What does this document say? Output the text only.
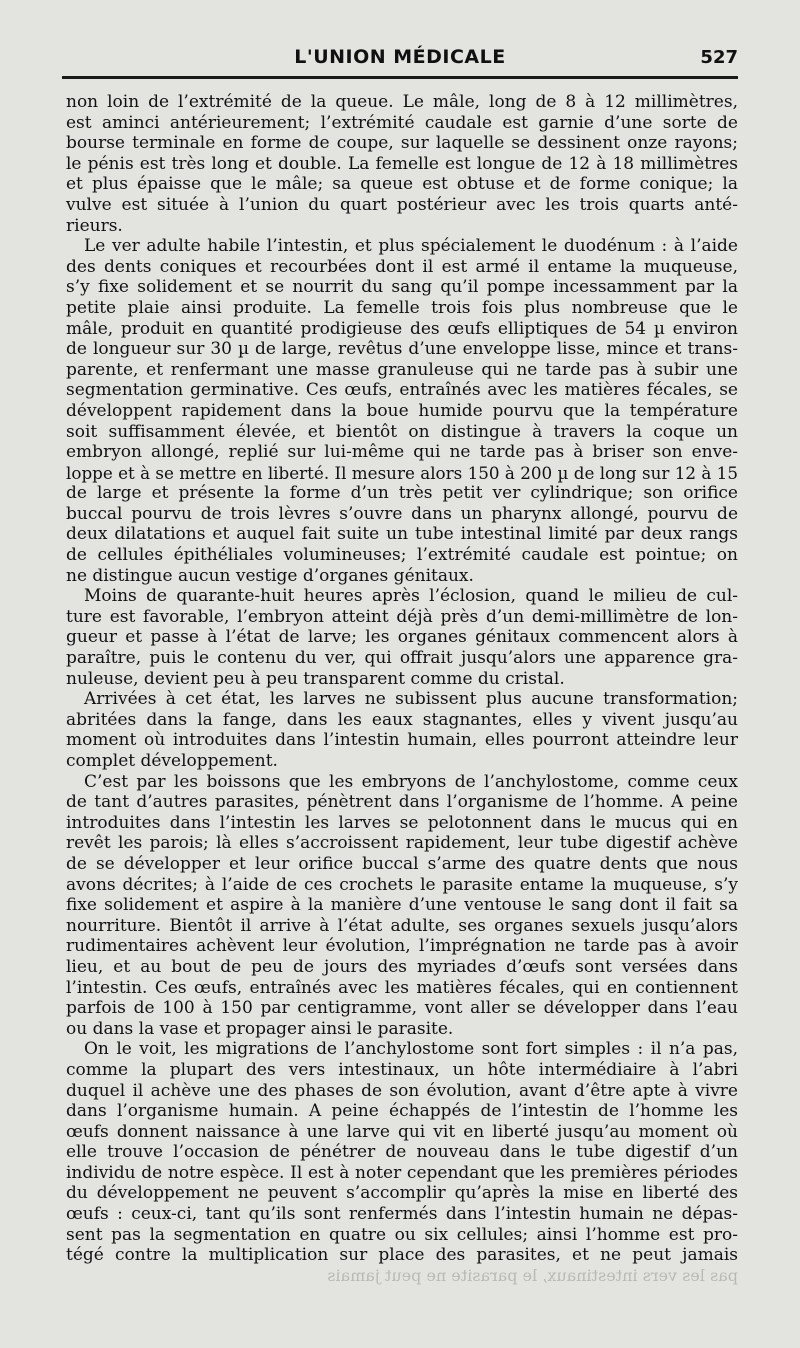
L'UNION MÉDICALE	527
non loin de l’extrémité de la queue. Le mâle, long de 8 à 12 millimètres,
est aminci antérieurement; l’extrémité caudale est garnie d’une sorte de
bourse terminale en forme de coupe, sur laquelle se dessinent onze rayons;
le pénis est très long et double. La femelle est longue de 12 à 18 millimètres
et plus épaisse que le mâle; sa queue est obtuse et de forme conique; la
vulve est située à l’union du quart postérieur avec les trois quarts anté-
rieurs.
Le ver adulte habile l’intestin, et plus spécialement le duodénum : à l’aide
des dents coniques et recourbées dont il est armé il entame la muqueuse,
s’y fixe solidement et se nourrit du sang qu’il pompe incessamment par la
petite plaie ainsi produite. La femelle trois fois plus nombreuse que le
mâle, produit en quantité prodigieuse des œufs elliptiques de 54 µ environ
de longueur sur 30 µ de large, revêtus d’une enveloppe lisse, mince et trans-
parente, et renfermant une masse granuleuse qui ne tarde pas à subir une
segmentation germinative. Ces œufs, entraînés avec les matières fécales, se
développent rapidement dans la boue humide pourvu que la température
soit suffisamment élevée, et bientôt on distingue à travers la coque un
embryon allongé, replié sur lui-même qui ne tarde pas à briser son enve-
loppe et à se mettre en liberté. Il mesure alors 150 à 200 µ de long sur 12 à 15
de large et présente la forme d’un très petit ver cylindrique; son orifice
buccal pourvu de trois lèvres s’ouvre dans un pharynx allongé, pourvu de
deux dilatations et auquel fait suite un tube intestinal limité par deux rangs
de cellules épithéliales volumineuses; l’extrémité caudale est pointue; on
ne distingue aucun vestige d’organes génitaux.
Moins de quarante-huit heures après l’éclosion, quand le milieu de cul-
ture est favorable, l’embryon atteint déjà près d’un demi-millimètre de lon-
gueur et passe à l’état de larve; les organes génitaux commencent alors à
paraître, puis le contenu du ver, qui offrait jusqu’alors une apparence gra-
nuleuse, devient peu à peu transparent comme du cristal.
Arrivées à cet état, les larves ne subissent plus aucune transformation;
abritées dans la fange, dans les eaux stagnantes, elles y vivent jusqu’au
moment où introduites dans l’intestin humain, elles pourront atteindre leur
complet développement.
C’est par les boissons que les embryons de l’anchylostome, comme ceux
de tant d’autres parasites, pénètrent dans l’organisme de l’homme. A peine
introduites dans l’intestin les larves se pelotonnent dans le mucus qui en
revêt les parois; là elles s’accroissent rapidement, leur tube digestif achève
de se développer et leur orifice buccal s’arme des quatre dents que nous
avons décrites; à l’aide de ces crochets le parasite entame la muqueuse, s’y
fixe solidement et aspire à la manière d’une ventouse le sang dont il fait sa
nourriture. Bientôt il arrive à l’état adulte, ses organes sexuels jusqu’alors
rudimentaires achèvent leur évolution, l’imprégnation ne tarde pas à avoir
lieu, et au bout de peu de jours des myriades d’œufs sont versées dans
l’intestin. Ces œufs, entraînés avec les matières fécales, qui en contiennent
parfois de 100 à 150 par centigramme, vont aller se développer dans l’eau
ou dans la vase et propager ainsi le parasite.
On le voit, les migrations de l’anchylostome sont fort simples : il n’a pas,
comme la plupart des vers intestinaux, un hôte intermédiaire à l’abri
duquel il achève une des phases de son évolution, avant d’être apte à vivre
dans l’organisme humain. A peine échappés de l’intestin de l’homme les
œufs donnent naissance à une larve qui vit en liberté jusqu’au moment où
elle trouve l’occasion de pénétrer de nouveau dans le tube digestif d’un
individu de notre espèce. Il est à noter cependant que les premières périodes
du développement ne peuvent s’accomplir qu’après la mise en liberté des
œufs : ceux-ci, tant qu’ils sont renfermés dans l’intestin humain ne dépas-
sent pas la segmentation en quatre ou six cellules; ainsi l’homme est pro-
tégé contre la multiplication sur place des parasites, et ne peut jamais
pas les vers intestinaux, le parasite ne peut jamais
